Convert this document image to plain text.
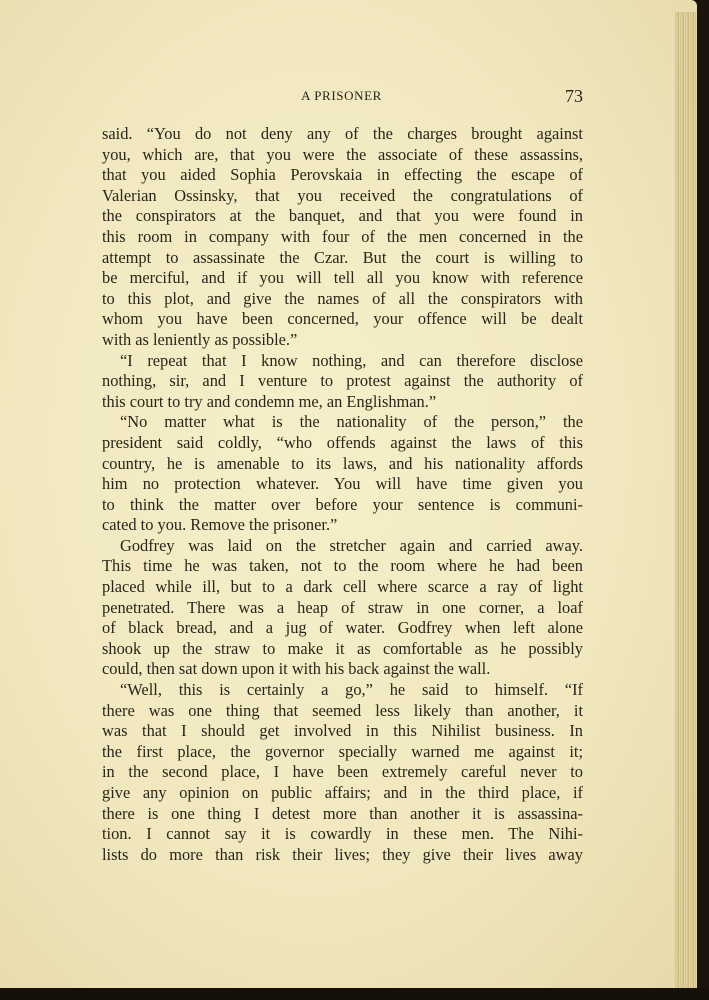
A PRISONER	73
said. “You do not deny any of the charges brought against
you, which are, that you were the associate of these assassins,
that you aided Sophia Perovskaia in effecting the escape of
Valerian Ossinsky, that you received the congratulations of
the conspirators at the banquet, and that you were found in
this room in company with four of the men concerned in the
attempt to assassinate the Czar. But the court is willing to
be merciful, and if you will tell all you know with reference
to this plot, and give the names of all the conspirators with
whom you have been concerned, your offence will be dealt
with as leniently as possible.”
“I repeat that I know nothing, and can therefore disclose
nothing, sir, and I venture to protest against the authority of
this court to try and condemn me, an Englishman.”
“No matter what is the nationality of the person,” the
president said coldly, “who offends against the laws of this
country, he is amenable to its laws, and his nationality affords
him no protection whatever. You will have time given you
to think the matter over before your sentence is communi-
cated to you. Remove the prisoner.”
Godfrey was laid on the stretcher again and carried away.
This time he was taken, not to the room where he had been
placed while ill, but to a dark cell where scarce a ray of light
penetrated. There was a heap of straw in one corner, a loaf
of black bread, and a jug of water. Godfrey when left alone
shook up the straw to make it as comfortable as he possibly
could, then sat down upon it with his back against the wall.
“Well, this is certainly a go,” he said to himself. “If
there was one thing that seemed less likely than another, it
was that I should get involved in this Nihilist business. In
the first place, the governor specially warned me against it;
in the second place, I have been extremely careful never to
give any opinion on public affairs; and in the third place, if
there is one thing I detest more than another it is assassina-
tion. I cannot say it is cowardly in these men. The Nihi-
lists do more than risk their lives; they give their lives away
